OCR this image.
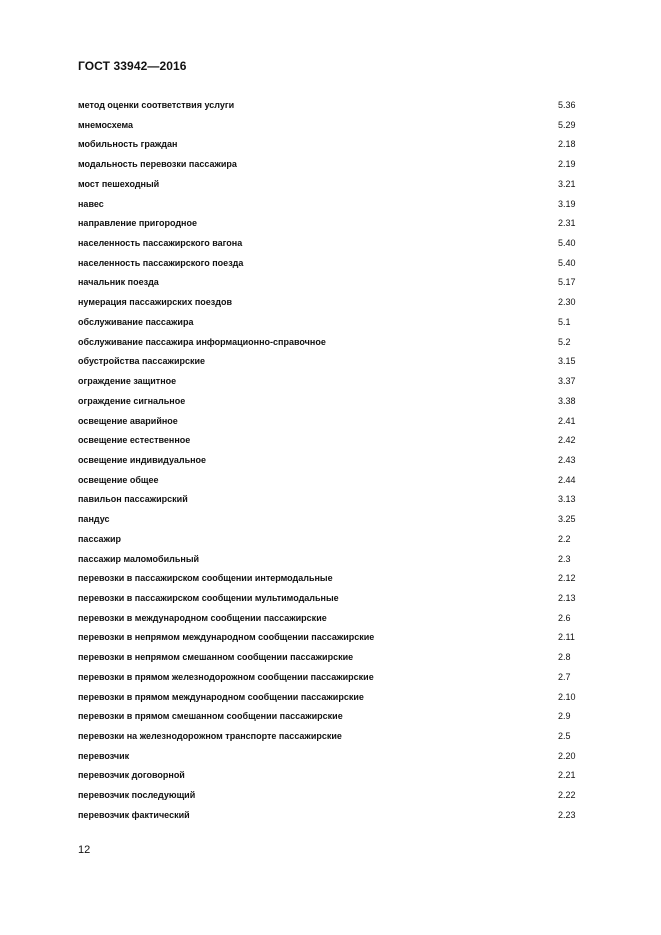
ГОСТ 33942—2016
метод оценки соответствия услуги	5.36
мнемосхема	5.29
мобильность граждан	2.18
модальность перевозки пассажира	2.19
мост пешеходный	3.21
навес	3.19
направление пригородное	2.31
населенность пассажирского вагона	5.40
населенность пассажирского поезда	5.40
начальник поезда	5.17
нумерация пассажирских поездов	2.30
обслуживание пассажира	5.1
обслуживание пассажира информационно-справочное	5.2
обустройства пассажирские	3.15
ограждение защитное	3.37
ограждение сигнальное	3.38
освещение аварийное	2.41
освещение естественное	2.42
освещение индивидуальное	2.43
освещение общее	2.44
павильон пассажирский	3.13
пандус	3.25
пассажир	2.2
пассажир маломобильный	2.3
перевозки в пассажирском сообщении интермодальные	2.12
перевозки в пассажирском сообщении мультимодальные	2.13
перевозки в международном сообщении пассажирские	2.6
перевозки в непрямом международном сообщении пассажирские	2.11
перевозки в непрямом смешанном сообщении пассажирские	2.8
перевозки в прямом железнодорожном сообщении пассажирские	2.7
перевозки в прямом международном сообщении пассажирские	2.10
перевозки в прямом смешанном сообщении пассажирские	2.9
перевозки на железнодорожном транспорте пассажирские	2.5
перевозчик	2.20
перевозчик договорной	2.21
перевозчик последующий	2.22
перевозчик фактический	2.23
12
